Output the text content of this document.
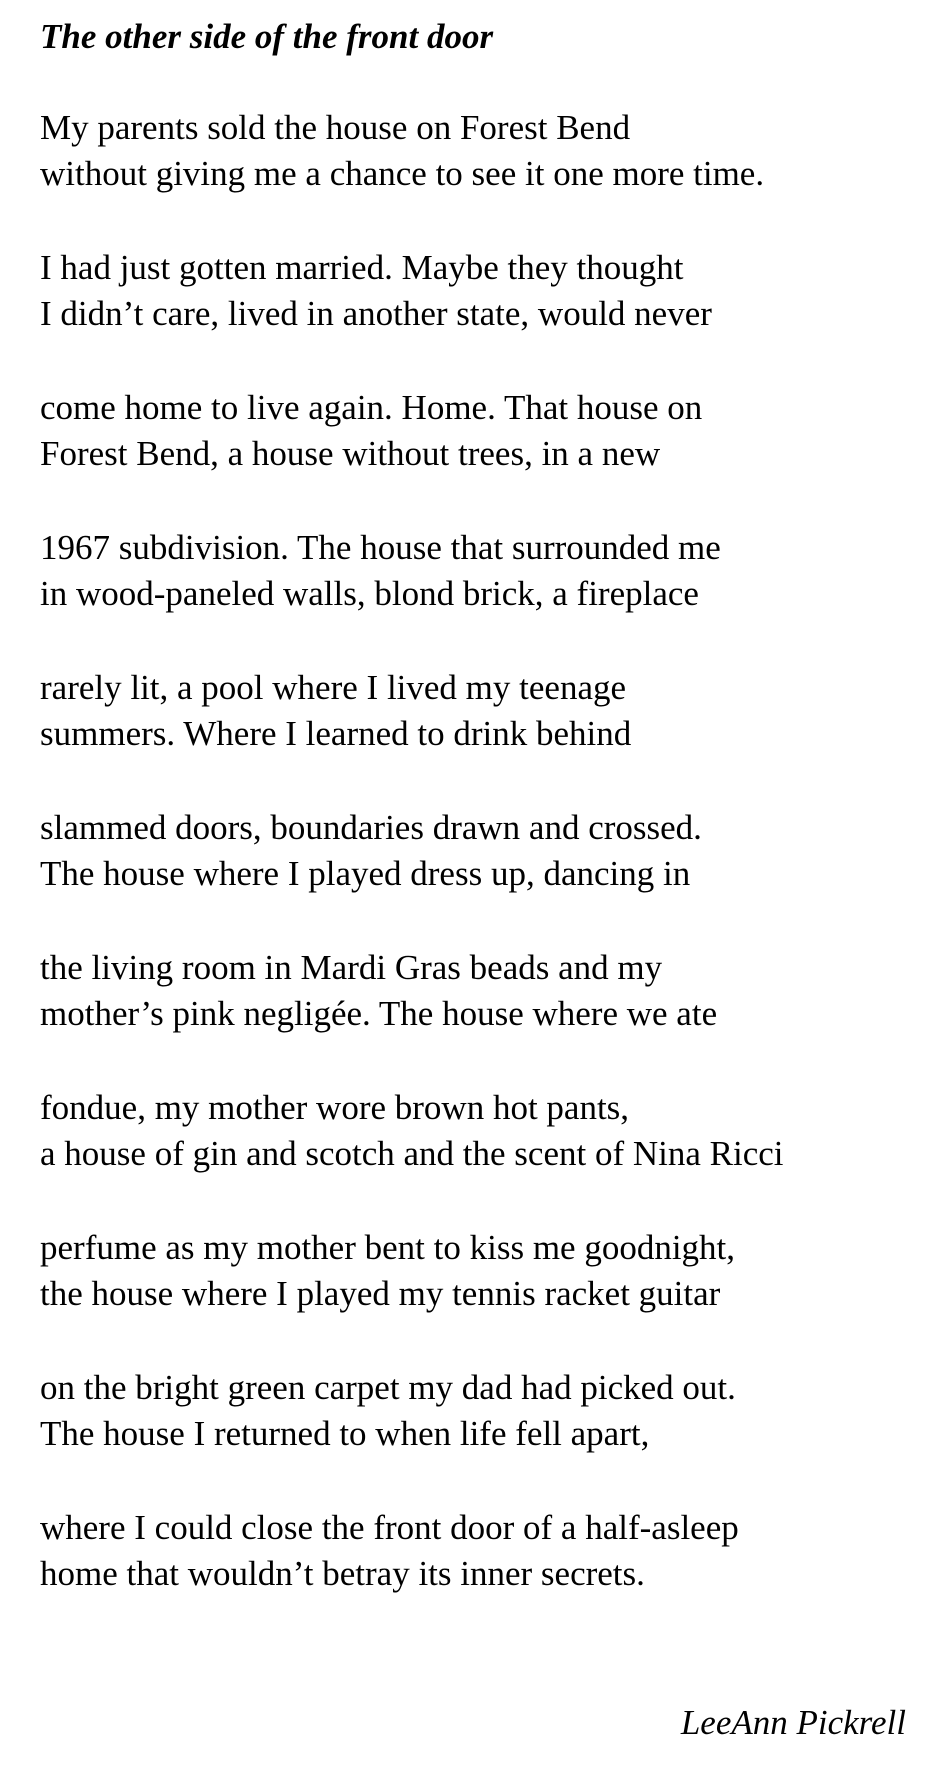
The other side of the front door
My parents sold the house on Forest Bend
without giving me a chance to see it one more time.
I had just gotten married. Maybe they thought
I didn’t care, lived in another state, would never
come home to live again. Home. That house on
Forest Bend, a house without trees, in a new
1967 subdivision. The house that surrounded me
in wood-paneled walls, blond brick, a fireplace
rarely lit, a pool where I lived my teenage
summers. Where I learned to drink behind
slammed doors, boundaries drawn and crossed.
The house where I played dress up, dancing in
the living room in Mardi Gras beads and my
mother’s pink negligée. The house where we ate
fondue, my mother wore brown hot pants,
a house of gin and scotch and the scent of Nina Ricci
perfume as my mother bent to kiss me goodnight,
the house where I played my tennis racket guitar
on the bright green carpet my dad had picked out.
The house I returned to when life fell apart,
where I could close the front door of a half-asleep
home that wouldn’t betray its inner secrets.
LeeAnn Pickrell
